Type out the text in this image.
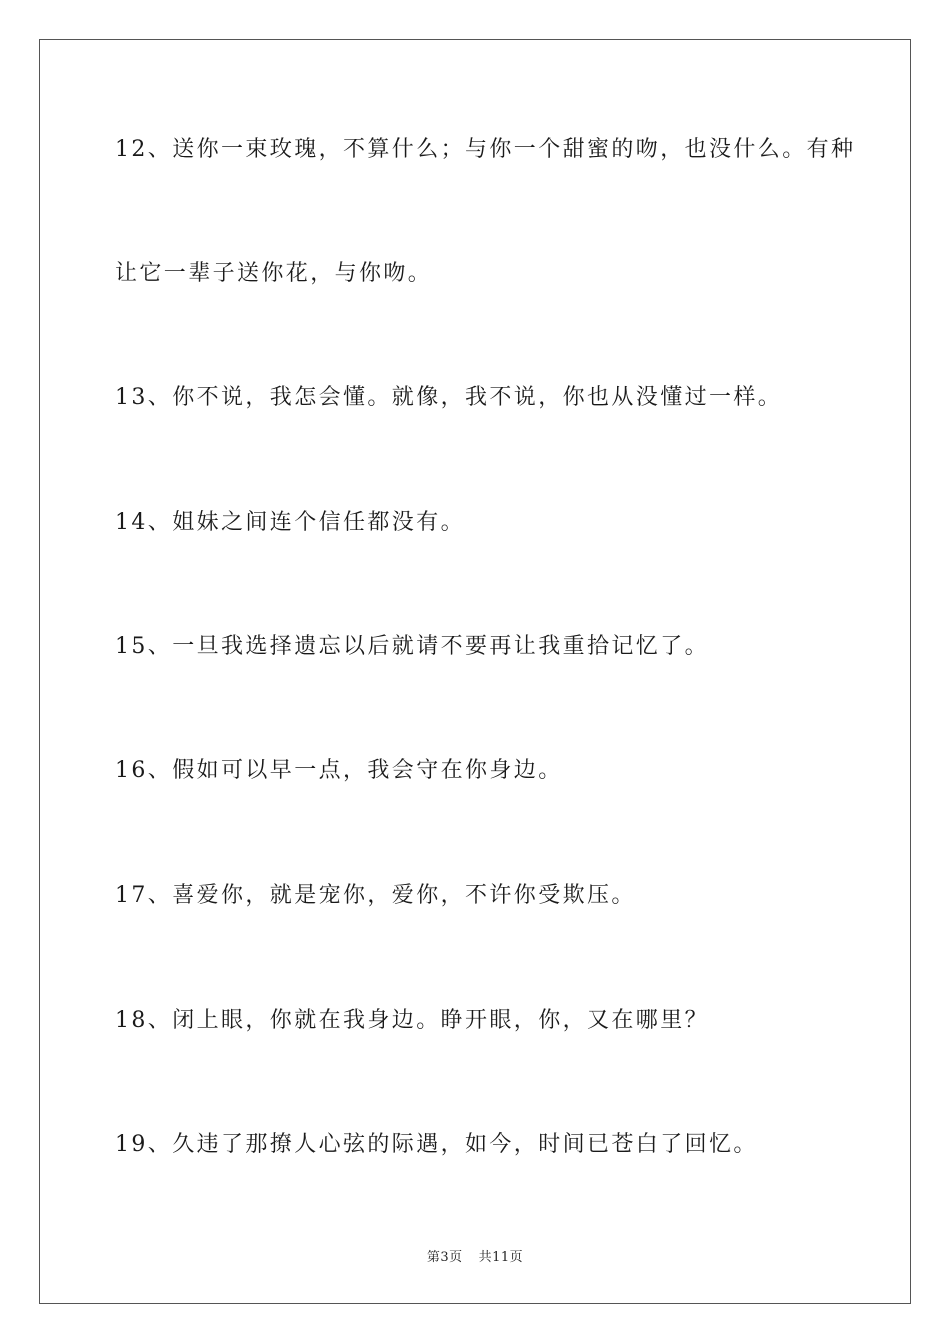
12、送你一束玫瑰，不算什么；与你一个甜蜜的吻，也没什么。有种
让它一辈子送你花，与你吻。
13、你不说，我怎会懂。就像，我不说，你也从没懂过一样。
14、姐妹之间连个信任都没有。
15、一旦我选择遗忘以后就请不要再让我重拾记忆了。
16、假如可以早一点，我会守在你身边。
17、喜爱你，就是宠你，爱你，不许你受欺压。
18、闭上眼，你就在我身边。睁开眼，你，又在哪里？
19、久违了那撩人心弦的际遇，如今，时间已苍白了回忆。
第3页 共11页
